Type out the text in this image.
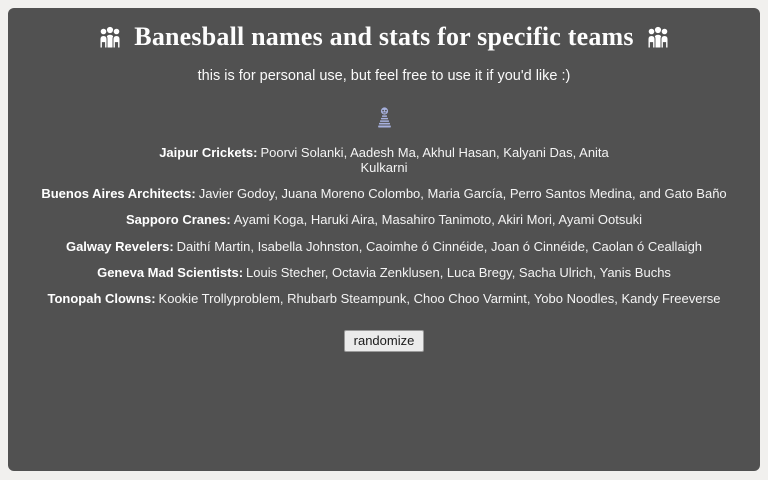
Banesball names and stats for specific teams

this is for personal use, but feel free to use it if you'd like :)

Jaipur Crickets: Poorvi Solanki, Aadesh Ma, Akhul Hasan, Kalyani Das, Anita Kulkarni

Buenos Aires Architects: Javier Godoy, Juana Moreno Colombo, Maria García, Perro Santos Medina, and Gato Baño

Sapporo Cranes: Ayami Koga, Haruki Aira, Masahiro Tanimoto, Akiri Mori, Ayami Ootsuki

Galway Revelers: Daithí Martin, Isabella Johnston, Caoimhe ó Cinnéide, Joan ó Cinnéide, Caolan ó Ceallaigh

Geneva Mad Scientists: Louis Stecher, Octavia Zenklusen, Luca Bregy, Sacha Ulrich, Yanis Buchs

Tonopah Clowns: Kookie Trollyproblem, Rhubarb Steampunk, Choo Choo Varmint, Yobo Noodles, Kandy Freeverse

randomize
